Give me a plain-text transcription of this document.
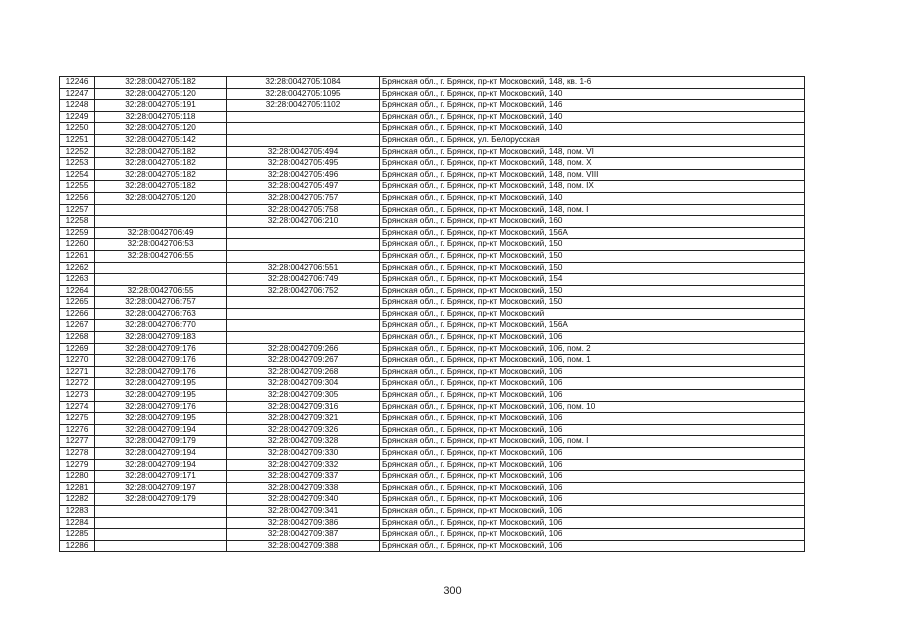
12246	32:28:0042705:182	32:28:0042705:1084	Брянская обл., г. Брянск, пр-кт Московский, 148, кв. 1-6
12247	32:28:0042705:120	32:28:0042705:1095	Брянская обл., г. Брянск, пр-кт Московский, 140
12248	32:28:0042705:191	32:28:0042705:1102	Брянская обл., г. Брянск, пр-кт Московский, 146
12249	32:28:0042705:118		Брянская обл., г. Брянск, пр-кт Московский, 140
12250	32:28:0042705:120		Брянская обл., г. Брянск, пр-кт Московский, 140
12251	32:28:0042705:142		Брянская обл., г. Брянск, ул. Белорусская
12252	32:28:0042705:182	32:28:0042705:494	Брянская обл., г. Брянск, пр-кт Московский, 148, пом. VI
12253	32:28:0042705:182	32:28:0042705:495	Брянская обл., г. Брянск, пр-кт Московский, 148, пом. X
12254	32:28:0042705:182	32:28:0042705:496	Брянская обл., г. Брянск, пр-кт Московский, 148, пом. VIII
12255	32:28:0042705:182	32:28:0042705:497	Брянская обл., г. Брянск, пр-кт Московский, 148, пом. IX
12256	32:28:0042705:120	32:28:0042705:757	Брянская обл., г. Брянск, пр-кт Московский, 140
12257		32:28:0042705:758	Брянская обл., г. Брянск, пр-кт Московский, 148, пом. I
12258		32:28:0042706:210	Брянская обл., г. Брянск, пр-кт Московский, 160
12259	32:28:0042706:49		Брянская обл., г. Брянск, пр-кт Московский, 156А
12260	32:28:0042706:53		Брянская обл., г. Брянск, пр-кт Московский, 150
12261	32:28:0042706:55		Брянская обл., г. Брянск, пр-кт Московский, 150
12262		32:28:0042706:551	Брянская обл., г. Брянск, пр-кт Московский, 150
12263		32:28:0042706:749	Брянская обл., г. Брянск, пр-кт Московский, 154
12264	32:28:0042706:55	32:28:0042706:752	Брянская обл., г. Брянск, пр-кт Московский, 150
12265	32:28:0042706:757		Брянская обл., г. Брянск, пр-кт Московский, 150
12266	32:28:0042706:763		Брянская обл., г. Брянск, пр-кт Московский
12267	32:28:0042706:770		Брянская обл., г. Брянск, пр-кт Московский, 156А
12268	32:28:0042709:183		Брянская обл., г. Брянск, пр-кт Московский, 106
12269	32:28:0042709:176	32:28:0042709:266	Брянская обл., г. Брянск, пр-кт Московский, 106, пом. 2
12270	32:28:0042709:176	32:28:0042709:267	Брянская обл., г. Брянск, пр-кт Московский, 106, пом. 1
12271	32:28:0042709:176	32:28:0042709:268	Брянская обл., г. Брянск, пр-кт Московский, 106
12272	32:28:0042709:195	32:28:0042709:304	Брянская обл., г. Брянск, пр-кт Московский, 106
12273	32:28:0042709:195	32:28:0042709:305	Брянская обл., г. Брянск, пр-кт Московский, 106
12274	32:28:0042709:176	32:28:0042709:316	Брянская обл., г. Брянск, пр-кт Московский, 106, пом. 10
12275	32:28:0042709:195	32:28:0042709:321	Брянская обл., г. Брянск, пр-кт Московский, 106
12276	32:28:0042709:194	32:28:0042709:326	Брянская обл., г. Брянск, пр-кт Московский, 106
12277	32:28:0042709:179	32:28:0042709:328	Брянская обл., г. Брянск, пр-кт Московский, 106, пом. I
12278	32:28:0042709:194	32:28:0042709:330	Брянская обл., г. Брянск, пр-кт Московский, 106
12279	32:28:0042709:194	32:28:0042709:332	Брянская обл., г. Брянск, пр-кт Московский, 106
12280	32:28:0042709:171	32:28:0042709:337	Брянская обл., г. Брянск, пр-кт Московский, 106
12281	32:28:0042709:197	32:28:0042709:338	Брянская обл., г. Брянск, пр-кт Московский, 106
12282	32:28:0042709:179	32:28:0042709:340	Брянская обл., г. Брянск, пр-кт Московский, 106
12283		32:28:0042709:341	Брянская обл., г. Брянск, пр-кт Московский, 106
12284		32:28:0042709:386	Брянская обл., г. Брянск, пр-кт Московский, 106
12285		32:28:0042709:387	Брянская обл., г. Брянск, пр-кт Московский, 106
12286		32:28:0042709:388	Брянская обл., г. Брянск, пр-кт Московский, 106
300
